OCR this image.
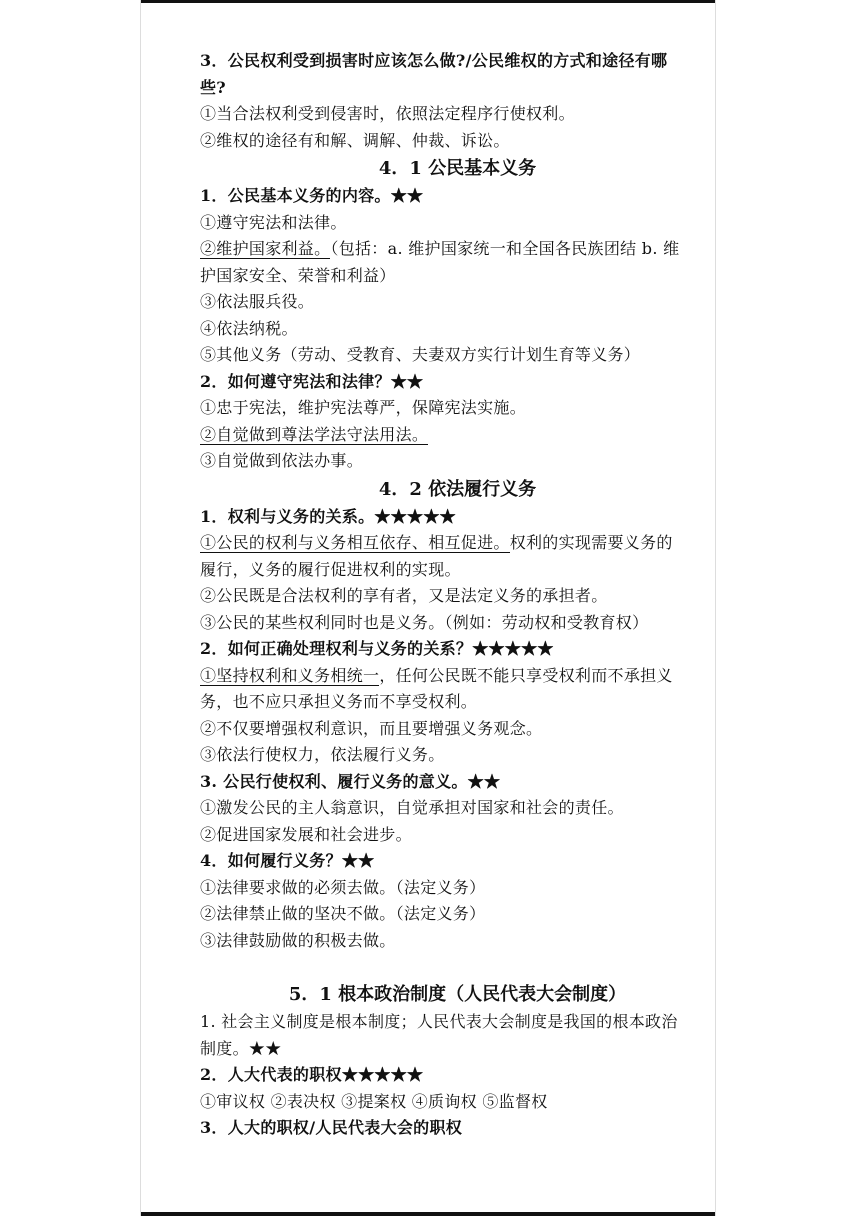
3．公民权利受到损害时应该怎么做?/公民维权的方式和途径有哪
些?
①当合法权利受到侵害时，依照法定程序行使权利。
②维权的途径有和解、调解、仲裁、诉讼。
4．1 公民基本义务
1．公民基本义务的内容。★★
①遵守宪法和法律。
②维护国家利益。（包括：a. 维护国家统一和全国各民族团结 b. 维
护国家安全、荣誉和利益）
③依法服兵役。
④依法纳税。
⑤其他义务（劳动、受教育、夫妻双方实行计划生育等义务）
2．如何遵守宪法和法律？★★
①忠于宪法，维护宪法尊严，保障宪法实施。
②自觉做到尊法学法守法用法。
③自觉做到依法办事。
4．2 依法履行义务
1．权利与义务的关系。★★★★★
①公民的权利与义务相互依存、相互促进。权利的实现需要义务的
履行，义务的履行促进权利的实现。
②公民既是合法权利的享有者，又是法定义务的承担者。
③公民的某些权利同时也是义务。（例如：劳动权和受教育权）
2．如何正确处理权利与义务的关系？★★★★★
①坚持权利和义务相统一，任何公民既不能只享受权利而不承担义
务，也不应只承担义务而不享受权利。
②不仅要增强权利意识，而且要增强义务观念。
③依法行使权力，依法履行义务。
3. 公民行使权利、履行义务的意义。★★
①激发公民的主人翁意识，自觉承担对国家和社会的责任。
②促进国家发展和社会进步。
4．如何履行义务？★★
①法律要求做的必须去做。（法定义务）
②法律禁止做的坚决不做。（法定义务）
③法律鼓励做的积极去做。
5．1 根本政治制度（人民代表大会制度）
1. 社会主义制度是根本制度；人民代表大会制度是我国的根本政治
制度。★★
2．人大代表的职权★★★★★
①审议权 ②表决权 ③提案权 ④质询权 ⑤监督权
3．人大的职权/人民代表大会的职权
